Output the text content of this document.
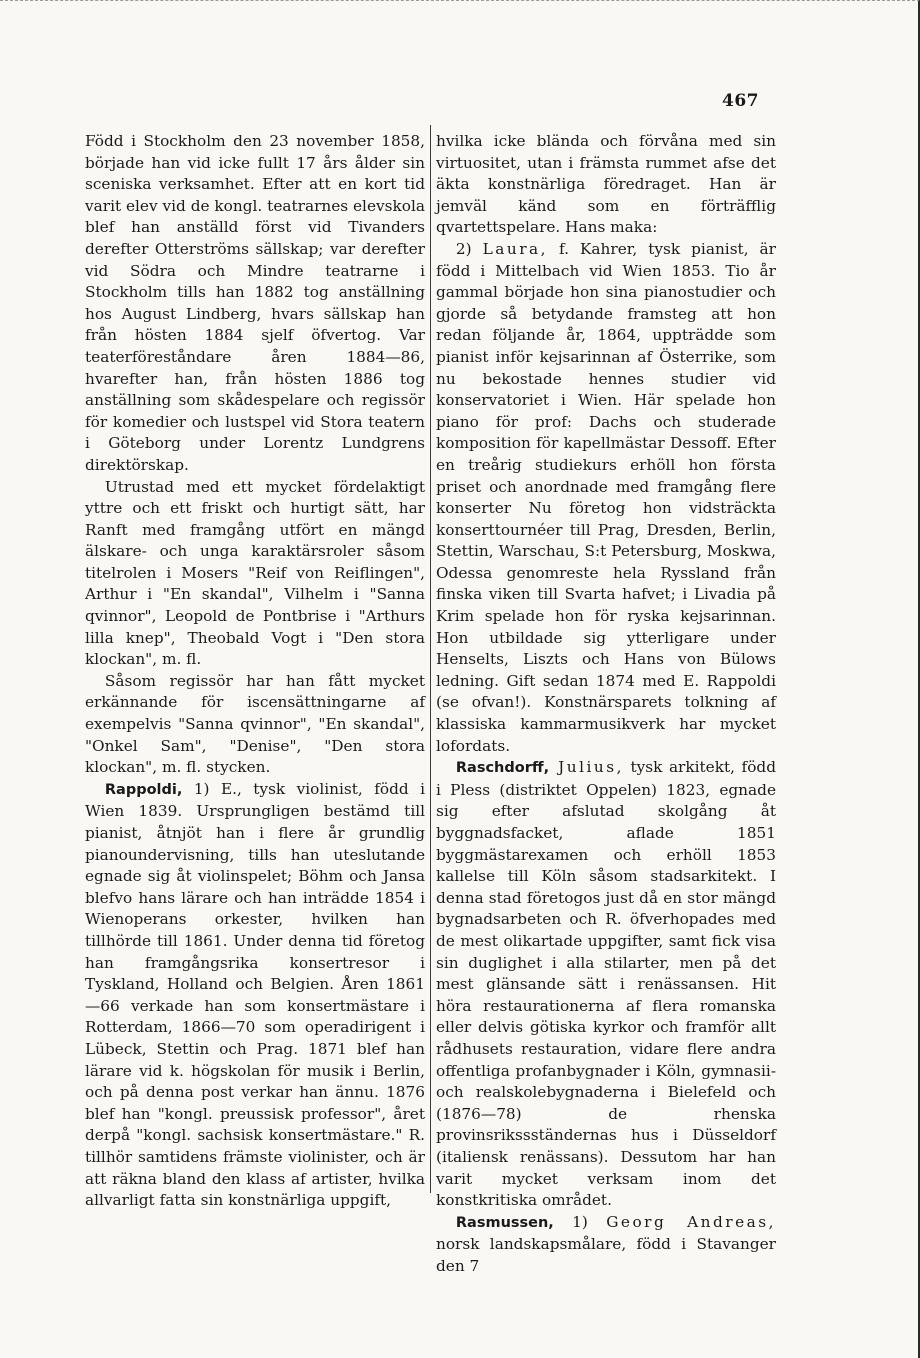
467

Född i Stockholm den 23 november 1858, började han vid icke fullt 17 års ålder sin sceniska verksamhet. Efter att en kort tid varit elev vid de kongl. teatrarnes elevskola blef han anställd först vid Tivanders derefter Otterströms sällskap; var derefter vid Södra och Mindre teatrarne i Stockholm tills han 1882 tog anställning hos August Lindberg, hvars sällskap han från hösten 1884 sjelf öfvertog. Var teaterföreståndare åren 1884—86, hvarefter han, från hösten 1886 tog anställning som skådespelare och regissör för komedier och lustspel vid Stora teatern i Göteborg under Lorentz Lundgrens direktörskap.

Utrustad med ett mycket fördelaktigt yttre och ett friskt och hurtigt sätt, har Ranft med framgång utfört en mängd älskare- och unga karaktärsroler såsom titelrolen i Mosers "Reif von Reiflingen", Arthur i "En skandal", Vilhelm i "Sanna qvinnor", Leopold de Pontbrise i "Arthurs lilla knep", Theobald Vogt i "Den stora klockan", m. fl.

Såsom regissör har han fått mycket erkännande för iscensättningarne af exempelvis "Sanna qvinnor", "En skandal", "Onkel Sam", "Denise", "Den stora klockan", m. fl. stycken.

Rappoldi, 1) E., tysk violinist, född i Wien 1839. Ursprungligen bestämd till pianist, åtnjöt han i flere år grundlig pianoundervisning, tills han uteslutande egnade sig åt violinspelet; Böhm och Jansa blefvo hans lärare och han inträdde 1854 i Wienoperans orkester, hvilken han tillhörde till 1861. Under denna tid företog han framgångsrika konsertresor i Tyskland, Holland och Belgien. Åren 1861—66 verkade han som konsertmästare i Rotterdam, 1866—70 som operadirigent i Lübeck, Stettin och Prag. 1871 blef han lärare vid k. högskolan för musik i Berlin, och på denna post verkar han ännu. 1876 blef han "kongl. preussisk professor", året derpå "kongl. sachsisk konsertmästare." R. tillhör samtidens främste violinister, och är att räkna bland den klass af artister, hvilka allvarligt fatta sin konstnärliga uppgift,

hvilka icke blända och förvåna med sin virtuositet, utan i främsta rummet afse det äkta konstnärliga föredraget. Han är jemväl känd som en förträfflig qvartettspelare. Hans maka:

2) Laura, f. Kahrer, tysk pianist, är född i Mittelbach vid Wien 1853. Tio år gammal började hon sina pianostudier och gjorde så betydande framsteg att hon redan följande år, 1864, uppträdde som pianist inför kejsarinnan af Österrike, som nu bekostade hennes studier vid konservatoriet i Wien. Här spelade hon piano för prof: Dachs och studerade komposition för kapellmästar Dessoff. Efter en treårig studiekurs erhöll hon första priset och anordnade med framgång flere konserter Nu företog hon vidsträckta konserttournéer till Prag, Dresden, Berlin, Stettin, Warschau, S:t Petersburg, Moskwa, Odessa genomreste hela Ryssland från finska viken till Svarta hafvet; i Livadia på Krim spelade hon för ryska kejsarinnan. Hon utbildade sig ytterligare under Henselts, Liszts och Hans von Bülows ledning. Gift sedan 1874 med E. Rappoldi (se ofvan!). Konstnärsparets tolkning af klassiska kammarmusikverk har mycket lofordats.

Raschdorff, Julius, tysk arkitekt, född i Pless (distriktet Oppelen) 1823, egnade sig efter afslutad skolgång åt byggnadsfacket, aflade 1851 byggmästarexamen och erhöll 1853 kallelse till Köln såsom stadsarkitekt. I denna stad företogos just då en stor mängd bygnadsarbeten och R. öfverhopades med de mest olikartade uppgifter, samt fick visa sin duglighet i alla stilarter, men på det mest glänsande sätt i renässansen. Hit höra restaurationerna af flera romanska eller delvis götiska kyrkor och framför allt rådhusets restauration, vidare flere andra offentliga profanbygnader i Köln, gymnasii- och realskolebygnaderna i Bielefeld och (1876—78) de rhenska provinsrikssständernas hus i Düsseldorf (italiensk renässans). Dessutom har han varit mycket verksam inom det konstkritiska området.

Rasmussen, 1) Georg Andreas, norsk landskapsmålare, född i Stavanger den 7
